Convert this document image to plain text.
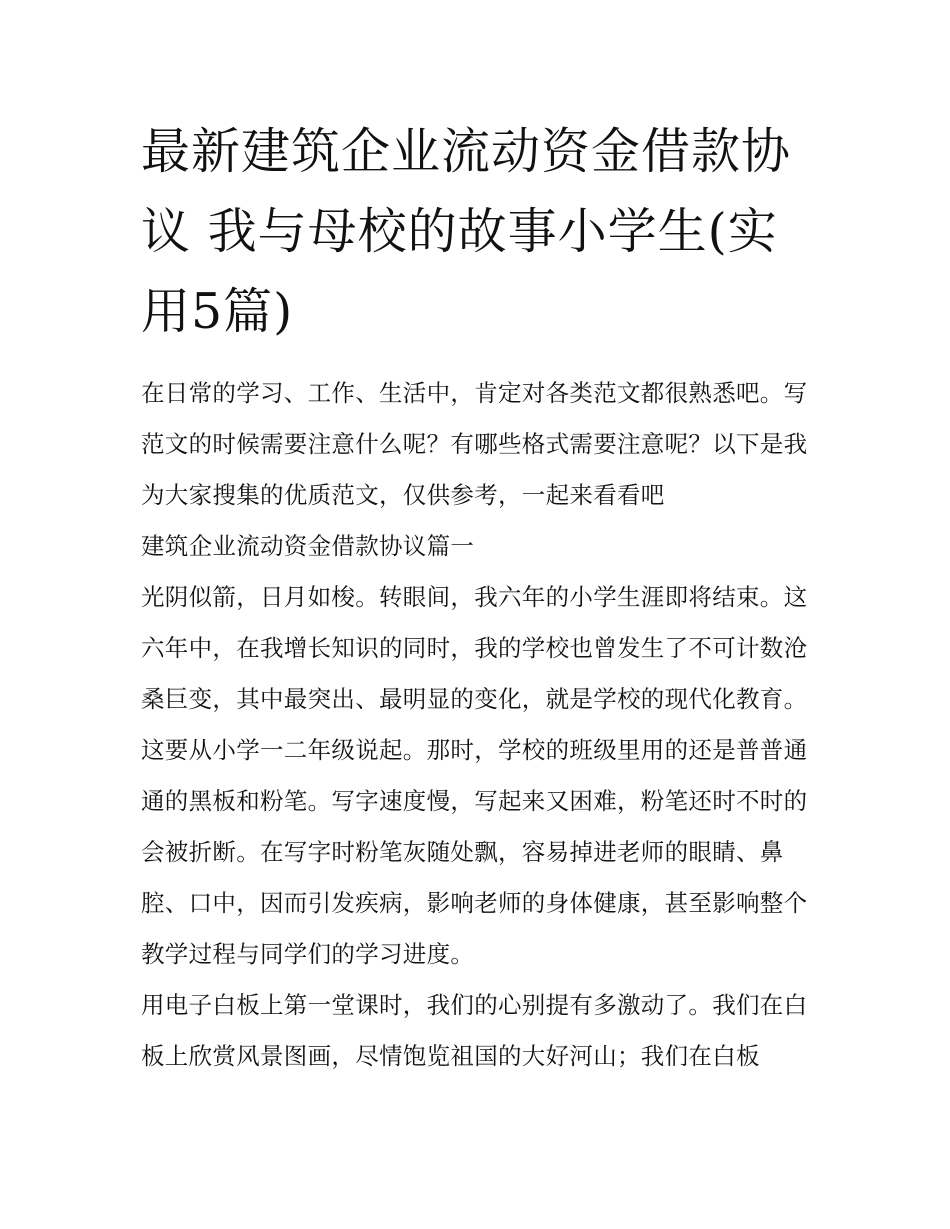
最新建筑企业流动资金借款协议 我与母校的故事小学生(实用5篇)

在日常的学习、工作、生活中，肯定对各类范文都很熟悉吧。写范文的时候需要注意什么呢？有哪些格式需要注意呢？以下是我为大家搜集的优质范文，仅供参考，一起来看看吧

建筑企业流动资金借款协议篇一

光阴似箭，日月如梭。转眼间，我六年的小学生涯即将结束。这六年中，在我增长知识的同时，我的学校也曾发生了不可计数沧桑巨变，其中最突出、最明显的变化，就是学校的现代化教育。

这要从小学一二年级说起。那时，学校的班级里用的还是普普通通的黑板和粉笔。写字速度慢，写起来又困难，粉笔还时不时的会被折断。在写字时粉笔灰随处飘，容易掉进老师的眼睛、鼻腔、口中，因而引发疾病，影响老师的身体健康，甚至影响整个教学过程与同学们的学习进度。

用电子白板上第一堂课时，我们的心别提有多激动了。我们在白板上欣赏风景图画，尽情饱览祖国的大好河山；我们在白板
